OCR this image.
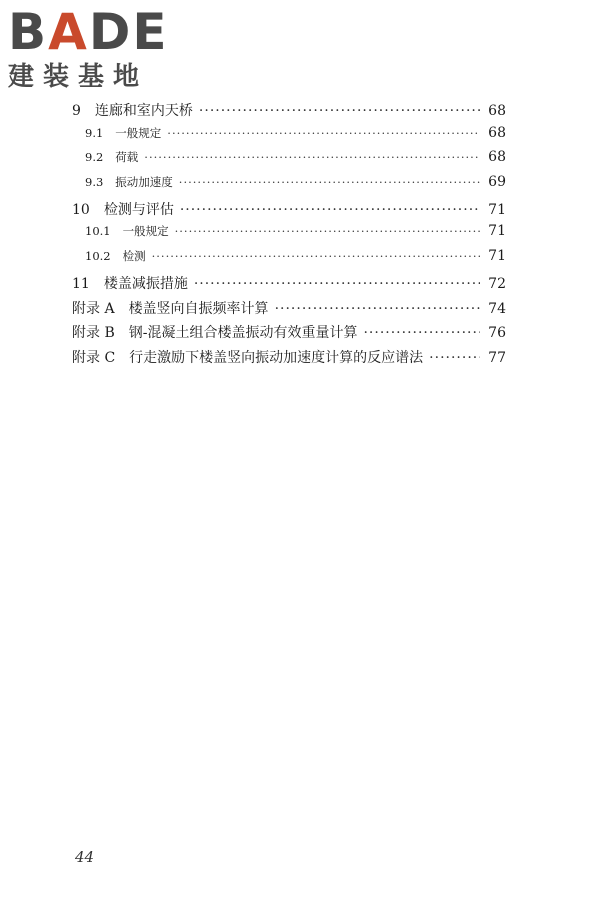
BADE
建装基地
9 连廊和室内天桥 ·····	68
9.1 一般规定 ·····	68
9.2 荷载 ·····	68
9.3 振动加速度 ·····	69
10 检测与评估 ·····	71
10.1 一般规定 ·····	71
10.2 检测 ·····	71
11 楼盖减振措施 ·····	72
附录 A 楼盖竖向自振频率计算 ·····	74
附录 B 钢-混凝土组合楼盖振动有效重量计算 ·····	76
附录 C 行走激励下楼盖竖向振动加速度计算的反应谱法 ·····	77
44
